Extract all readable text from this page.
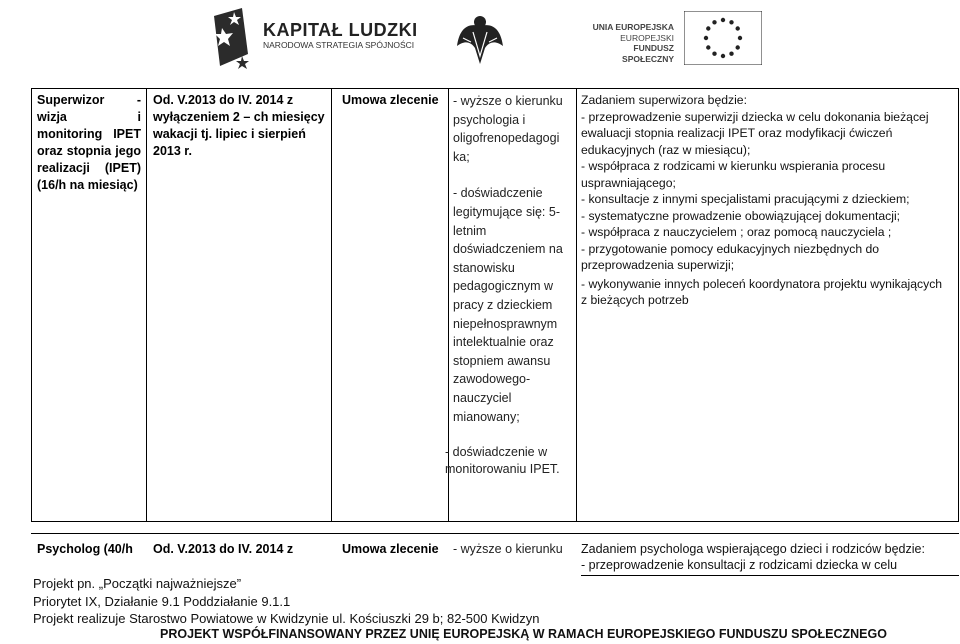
KAPITAŁ LUDZKI
NARODOWA STRATEGIA SPÓJNOŚCI
UNIA EUROPEJSKA
EUROPEJSKI
FUNDUSZ SPOŁECZNY
Superwizor - wizja i monitoring IPET oraz stopnia jego realizacji (IPET) (16/h na miesiąc)
Od. V.2013 do IV. 2014 z wyłączeniem 2 – ch miesięcy wakacji tj. lipiec i sierpień 2013 r.
Umowa zlecenie	- wyższe o kierunku psychologia i oligofrenopedagogi ka;

- doświadczenie legitymujące się: 5- letnim doświadczeniem na stanowisku pedagogicznym w pracy z dzieckiem niepełnosprawnym intelektualnie oraz stopniem awansu zawodowego- nauczyciel mianowany;

- doświadczenie w monitorowaniu IPET.

Zadaniem superwizora będzie:

- przeprowadzenie superwizji dziecka w celu dokonania bieżącej ewaluacji stopnia realizacji IPET oraz modyfikacji ćwiczeń edukacyjnych (raz w miesiącu);

- współpraca z rodzicami w kierunku wspierania procesu usprawniającego;

- konsultacje z innymi specjalistami pracującymi z dzieckiem;

- systematyczne prowadzenie obowiązującej dokumentacji;

- współpraca z nauczycielem ; oraz pomocą nauczyciela ;

- przygotowanie pomocy edukacyjnych niezbędnych do przeprowadzenia superwizji;

- wykonywanie innych poleceń koordynatora projektu wynikających z bieżących potrzeb

Psycholog (40/h Od. V.2013 do IV. 2014 z	Umowa zlecenie - wyższe o kierunku Zadaniem psychologa wspierającego dzieci i rodziców będzie:
- przeprowadzenie konsultacji z rodzicami dziecka w celu
Projekt pn. „Początki najważniejsze”
Priorytet IX, Działanie 9.1 Poddziałanie 9.1.1
Projekt realizuje Starostwo Powiatowe w Kwidzynie ul. Kościuszki 29 b; 82-500 Kwidzyn
PROJEKT WSPÓŁFINANSOWANY PRZEZ UNIĘ EUROPEJSKĄ W RAMACH EUROPEJSKIEGO FUNDUSZU SPOŁECZNEGO
